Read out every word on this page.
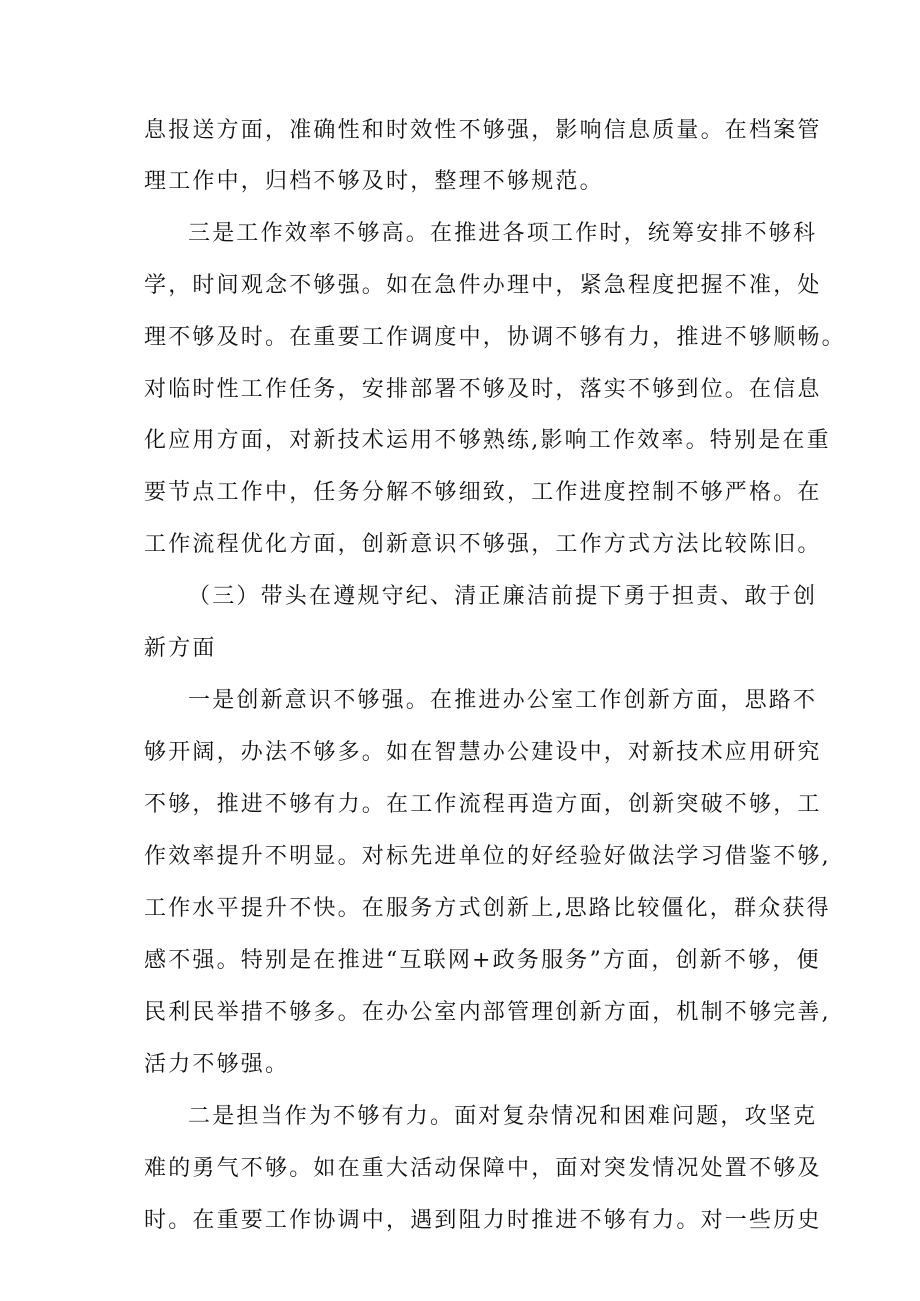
息报送方面，准确性和时效性不够强，影响信息质量。在档案管
理工作中，归档不够及时，整理不够规范。
三是工作效率不够高。在推进各项工作时，统筹安排不够科
学，时间观念不够强。如在急件办理中，紧急程度把握不准，处
理不够及时。在重要工作调度中，协调不够有力，推进不够顺畅。
对临时性工作任务，安排部署不够及时，落实不够到位。在信息
化应用方面，对新技术运用不够熟练,影响工作效率。特别是在重
要节点工作中，任务分解不够细致，工作进度控制不够严格。在
工作流程优化方面，创新意识不够强，工作方式方法比较陈旧。
（三）带头在遵规守纪、清正廉洁前提下勇于担责、敢于创
新方面
一是创新意识不够强。在推进办公室工作创新方面，思路不
够开阔，办法不够多。如在智慧办公建设中，对新技术应用研究
不够，推进不够有力。在工作流程再造方面，创新突破不够，工
作效率提升不明显。对标先进单位的好经验好做法学习借鉴不够,
工作水平提升不快。在服务方式创新上,思路比较僵化，群众获得
感不强。特别是在推进“互联网+政务服务”方面，创新不够，便
民利民举措不够多。在办公室内部管理创新方面，机制不够完善,
活力不够强。
二是担当作为不够有力。面对复杂情况和困难问题，攻坚克
难的勇气不够。如在重大活动保障中，面对突发情况处置不够及
时。在重要工作协调中，遇到阻力时推进不够有力。对一些历史
